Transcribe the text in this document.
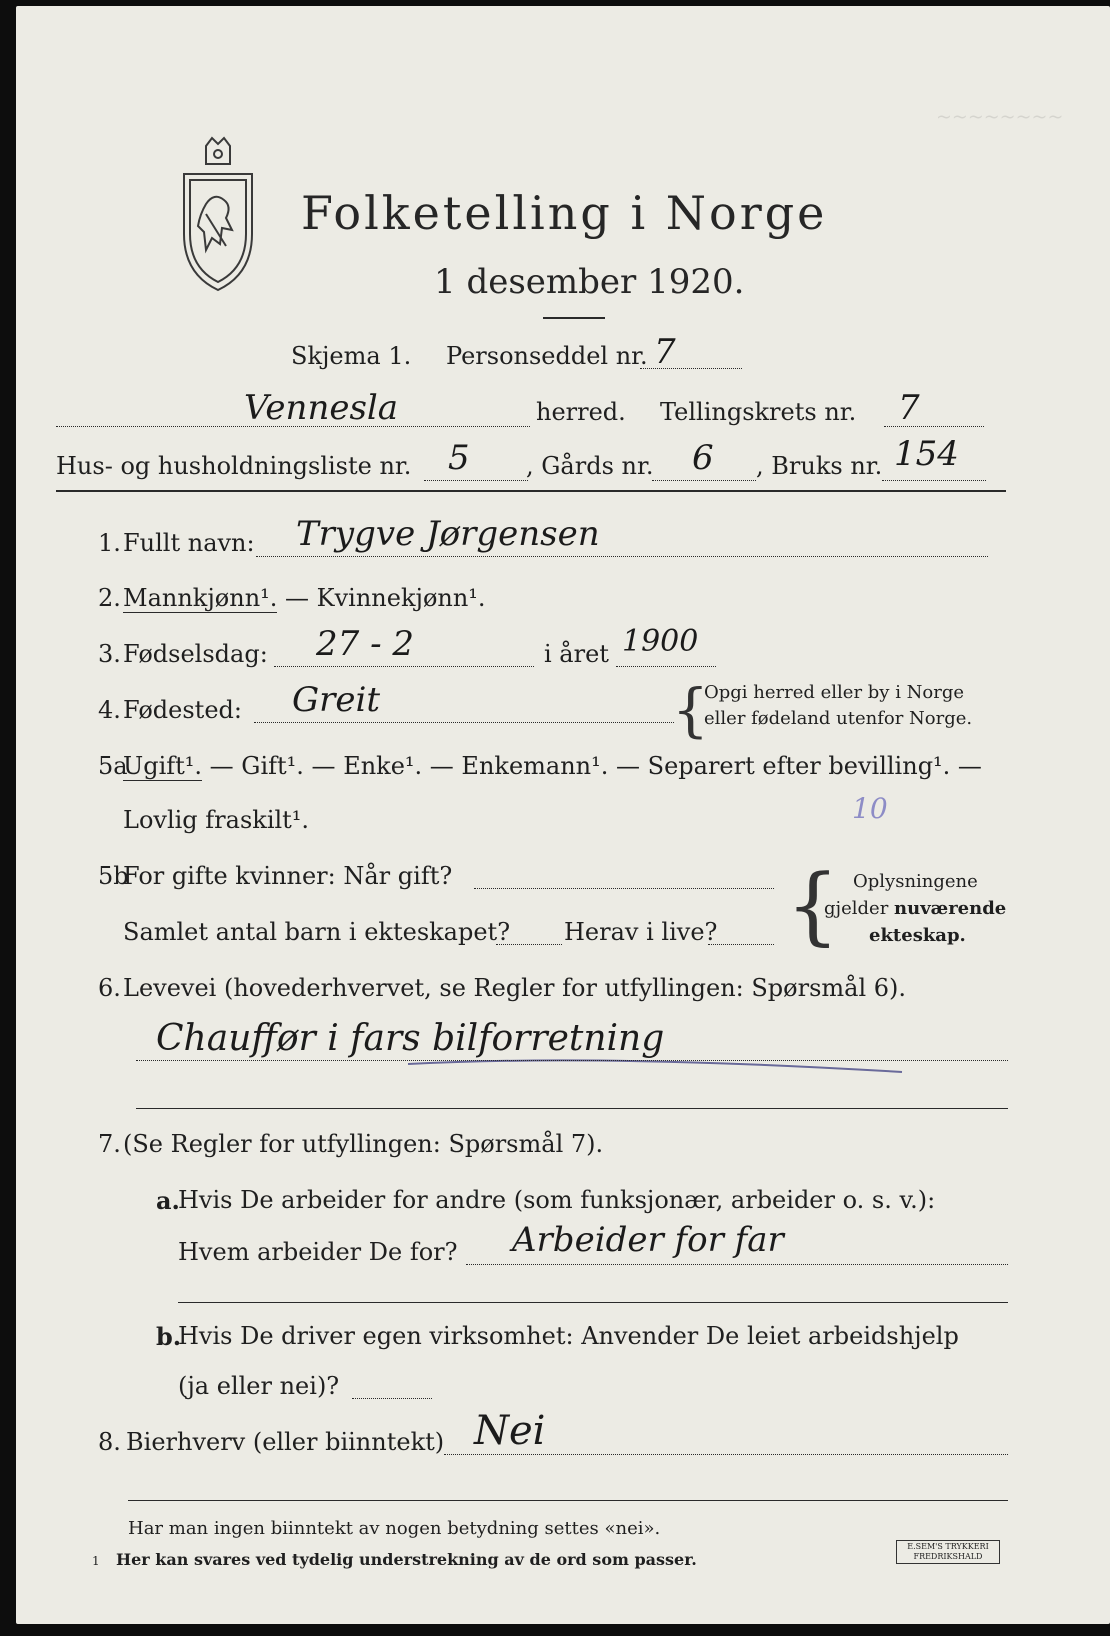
~~~~~~~~
Folketelling i Norge
1 desember 1920.
Skjema 1. Personseddel nr. 7
Vennesla	herred. Tellingskrets nr. 7
Hus- og husholdningsliste nr. 5 , Gårds nr. 6 , Bruks nr. 154
1. Fullt navn: Trygve Jørgensen
2. Mannkjønn¹. — Kvinnekjønn¹.
3. Fødselsdag: 27 - 2	i året 1900
4. Fødested: Greit	{
Opgi herred eller by i Norge
eller fødeland utenfor Norge.
5a
Ugift¹. — Gift¹. — Enke¹. — Enkemann¹. — Separert efter bevilling¹. —
Lovlig fraskilt¹.	10
5b
For gifte kvinner: Når gift?
Samlet antal barn i ekteskapet? Herav i live? { Oplysningene
gjelder nuværende
ekteskap.
6. Levevei (hovederhvervet, se Regler for utfyllingen: Spørsmål 6).
Chauffør i fars bilforretning
7. (Se Regler for utfyllingen: Spørsmål 7).
a.
Hvis De arbeider for andre (som funksjonær, arbeider o. s. v.):
Hvem arbeider De for? Arbeider for far
b.
Hvis De driver egen virksomhet: Anvender De leiet arbeidshjelp
(ja eller nei)?
8. Bierhverv (eller biinntekt) Nei
Har man ingen biinntekt av nogen betydning settes «nei».
1 Her kan svares ved tydelig understrekning av de ord som passer.
E.SEM'S TRYKKERI FREDRIKSHALD
